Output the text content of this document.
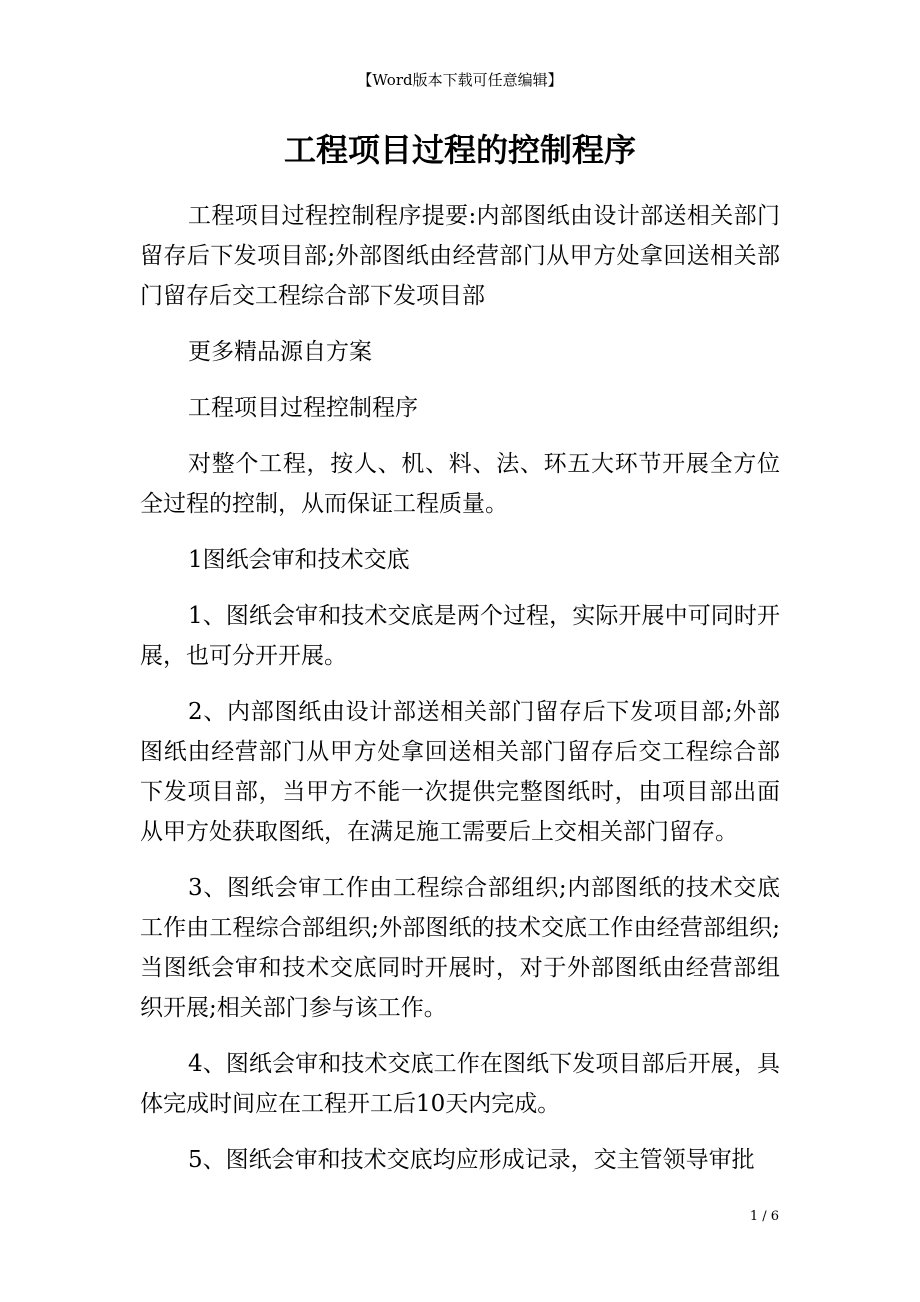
【Word版本下载可任意编辑】
工程项目过程的控制程序

工程项目过程控制程序提要:内部图纸由设计部送相关部门留存后下发项目部;外部图纸由经营部门从甲方处拿回送相关部门留存后交工程综合部下发项目部

更多精品源自方案

工程项目过程控制程序

对整个工程，按人、机、料、法、环五大环节开展全方位全过程的控制，从而保证工程质量。

1图纸会审和技术交底

1、图纸会审和技术交底是两个过程，实际开展中可同时开展，也可分开开展。

2、内部图纸由设计部送相关部门留存后下发项目部;外部图纸由经营部门从甲方处拿回送相关部门留存后交工程综合部下发项目部，当甲方不能一次提供完整图纸时，由项目部出面从甲方处获取图纸，在满足施工需要后上交相关部门留存。

3、图纸会审工作由工程综合部组织;内部图纸的技术交底工作由工程综合部组织;外部图纸的技术交底工作由经营部组织;当图纸会审和技术交底同时开展时，对于外部图纸由经营部组织开展;相关部门参与该工作。

4、图纸会审和技术交底工作在图纸下发项目部后开展，具体完成时间应在工程开工后10天内完成。

5、图纸会审和技术交底均应形成记录，交主管领导审批

1 / 6
